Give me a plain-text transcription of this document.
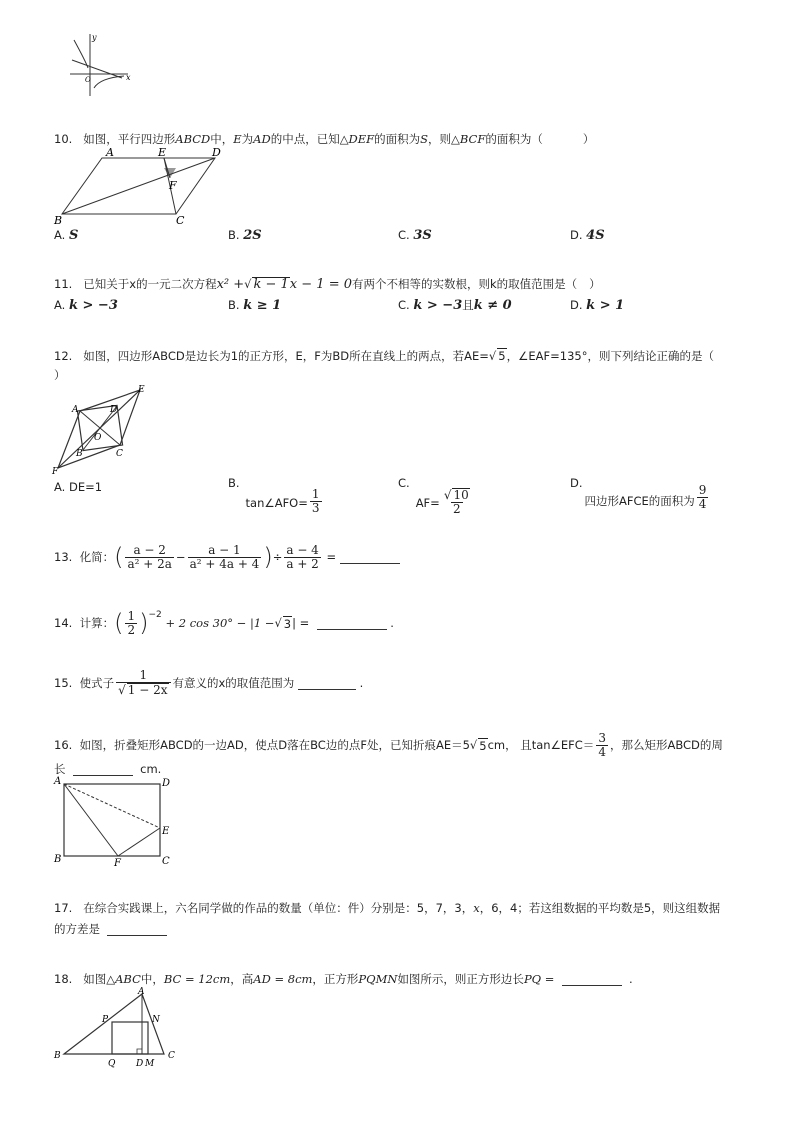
y
x
O
10. 如图，平行四边形ABCD中，E为AD的中点，已知△DEF的面积为S，则△BCF的面积为（	）
A	E	D
F
B	C
A. S	B. 2S	C. 3S	D. 4S
11. 已知关于x的一元二次方程x² +√ k − 1x − 1 = 0有两个不相等的实数根，则k的取值范围是（ ）
A. k > −3	B. k ≥ 1	C. k > −3且k ≠ 0	D. k > 1
12. 如图，四边形ABCD是边长为1的正方形，E，F为BD所在直线上的两点，若AE=√ 5，∠EAF=135°，则下列结论正确的是（
）
A	D
E
O
B	C
F
A. DE=1	B.
tan∠AFO= $\frac{1}{3}$
C.
$AF= \frac{√ 10}{2}$
D.
四边形AFCE的面积为 $\frac{9}{4}$
13.
化简： ( $\frac{a - 2}{\text{a² + 2a}} - \frac{a - 1}{\text{a² + 4a + 4}}$ ) ÷ $\frac{a - 4}{a + 2}$
=

14.
计算： ( $\frac{1}{2}$ ) −2

+ 2 cos 30° − |1 − √ 3 | =

	.
15.
使式子 $\frac{1}{√ 1 - 2x}$ 有意义的x的取值范围为

	.
16.
如图，折叠矩形ABCD的一边AD，使点D落在BC边的点F处，已知折痕AE＝5 √ 5 cm， 且tan∠EFC＝ $\frac{3}{4}$ ，那么矩形ABCD的周
长	cm.
A	D
E
B	F	C
17. 在综合实践课上，六名同学做的作品的数量（单位：件）分别是：5，7，3，x，6，4；若这组数据的平均数是5，则这组数据
的方差是
18. 如图△ABC中，BC = 12cm，高AD = 8cm，正方形PQMN如图所示，则正方形边长PQ =	.
A
P	N
B
Q D M
C
